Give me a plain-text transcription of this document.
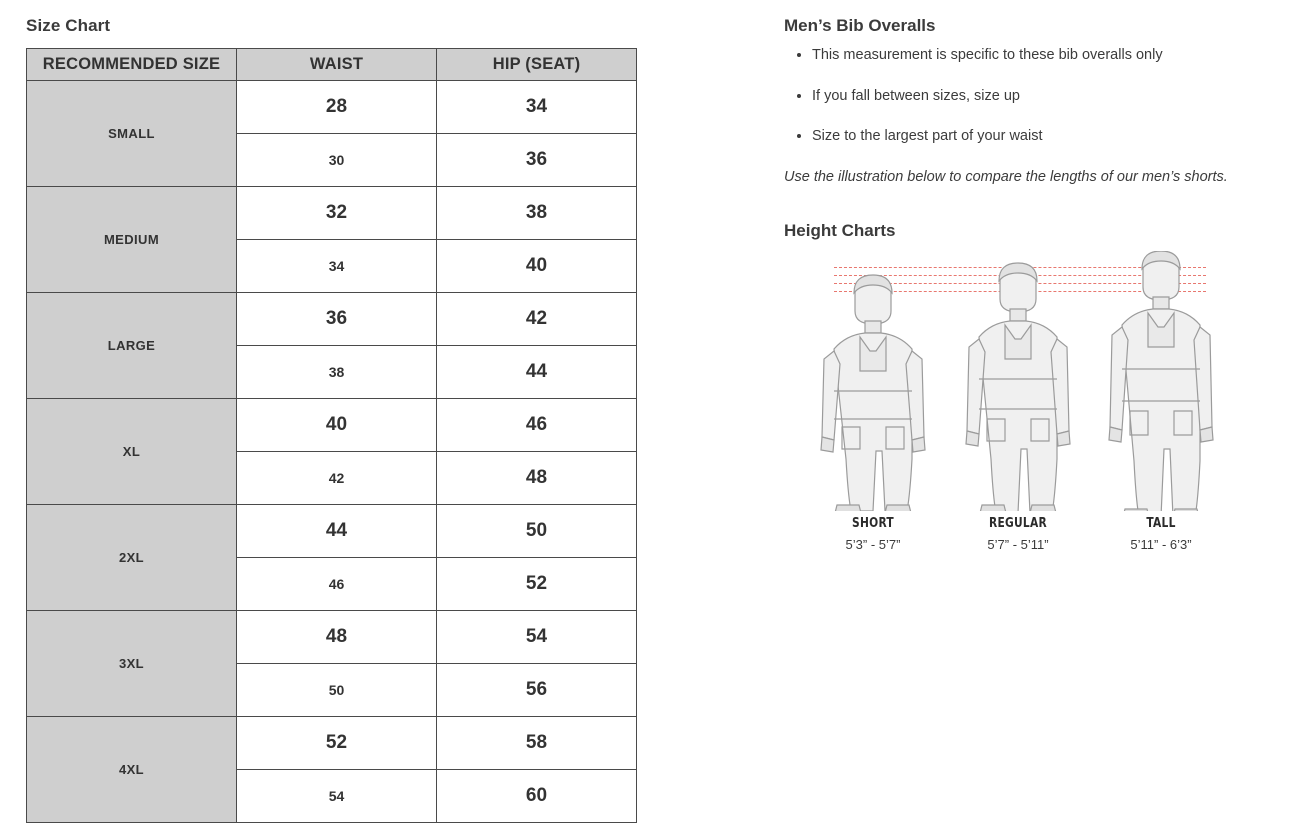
Size Chart
RECOMMENDED SIZE	WAIST	HIP (SEAT)
SMALL	28	34
	30	36
MEDIUM	32	38
	34	40
LARGE	36	42
	38	44
XL	40	46
	42	48
2XL	44	50
	46	52
3XL	48	54
	50	56
4XL	52	58
	54	60
Men’s Bib Overalls
• This measurement is specific to these bib overalls only
• If you fall between sizes, size up
• Size to the largest part of your waist

Use the illustration below to compare the lengths of our men’s shorts.

Height Charts
SHORT
5’3” - 5’7”
REGULAR
5’7” - 5’11”
TALL
5’11” - 6’3”
